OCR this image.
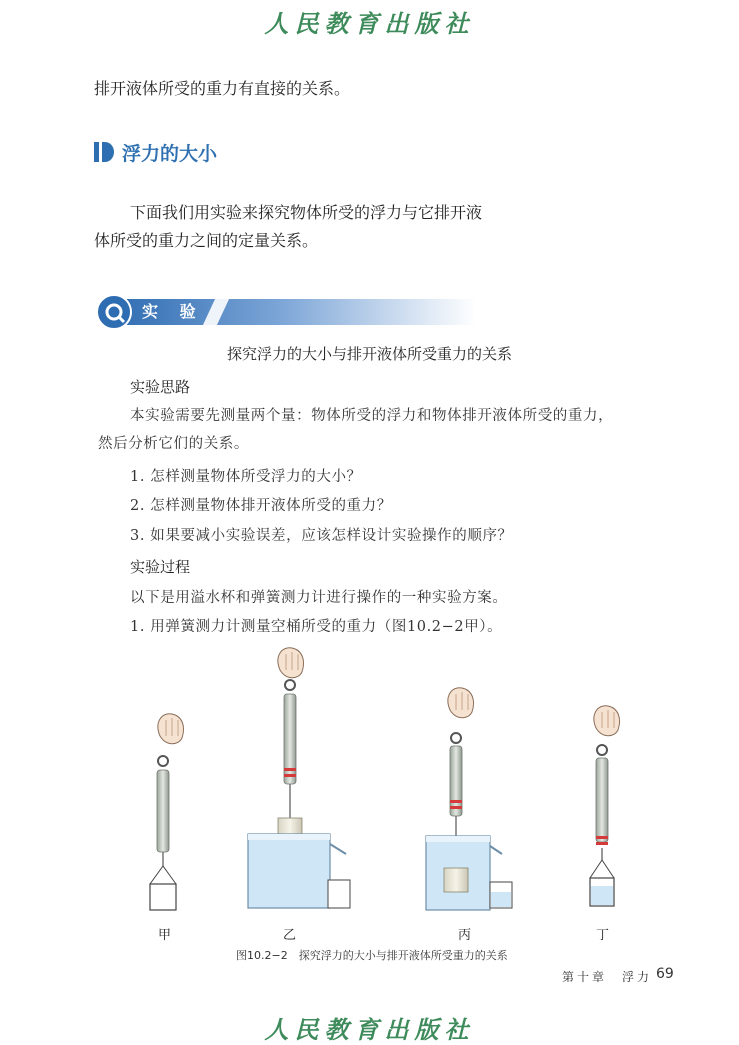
人民教育出版社
排开液体所受的重力有直接的关系。
浮力的大小
下面我们用实验来探究物体所受的浮力与它排开液
体所受的重力之间的定量关系。
实 验
探究浮力的大小与排开液体所受重力的关系
实验思路
本实验需要先测量两个量：物体所受的浮力和物体排开液体所受的重力，
然后分析它们的关系。
1. 怎样测量物体所受浮力的大小？
2. 怎样测量物体排开液体所受的重力？
3. 如果要减小实验误差，应该怎样设计实验操作的顺序？
实验过程
以下是用溢水杯和弹簧测力计进行操作的一种实验方案。
1. 用弹簧测力计测量空桶所受的重力（图10.2−2甲）。
甲	乙	丙	丁
图10.2−2　探究浮力的大小与排开液体所受重力的关系
第十章　浮力 69
人民教育出版社
